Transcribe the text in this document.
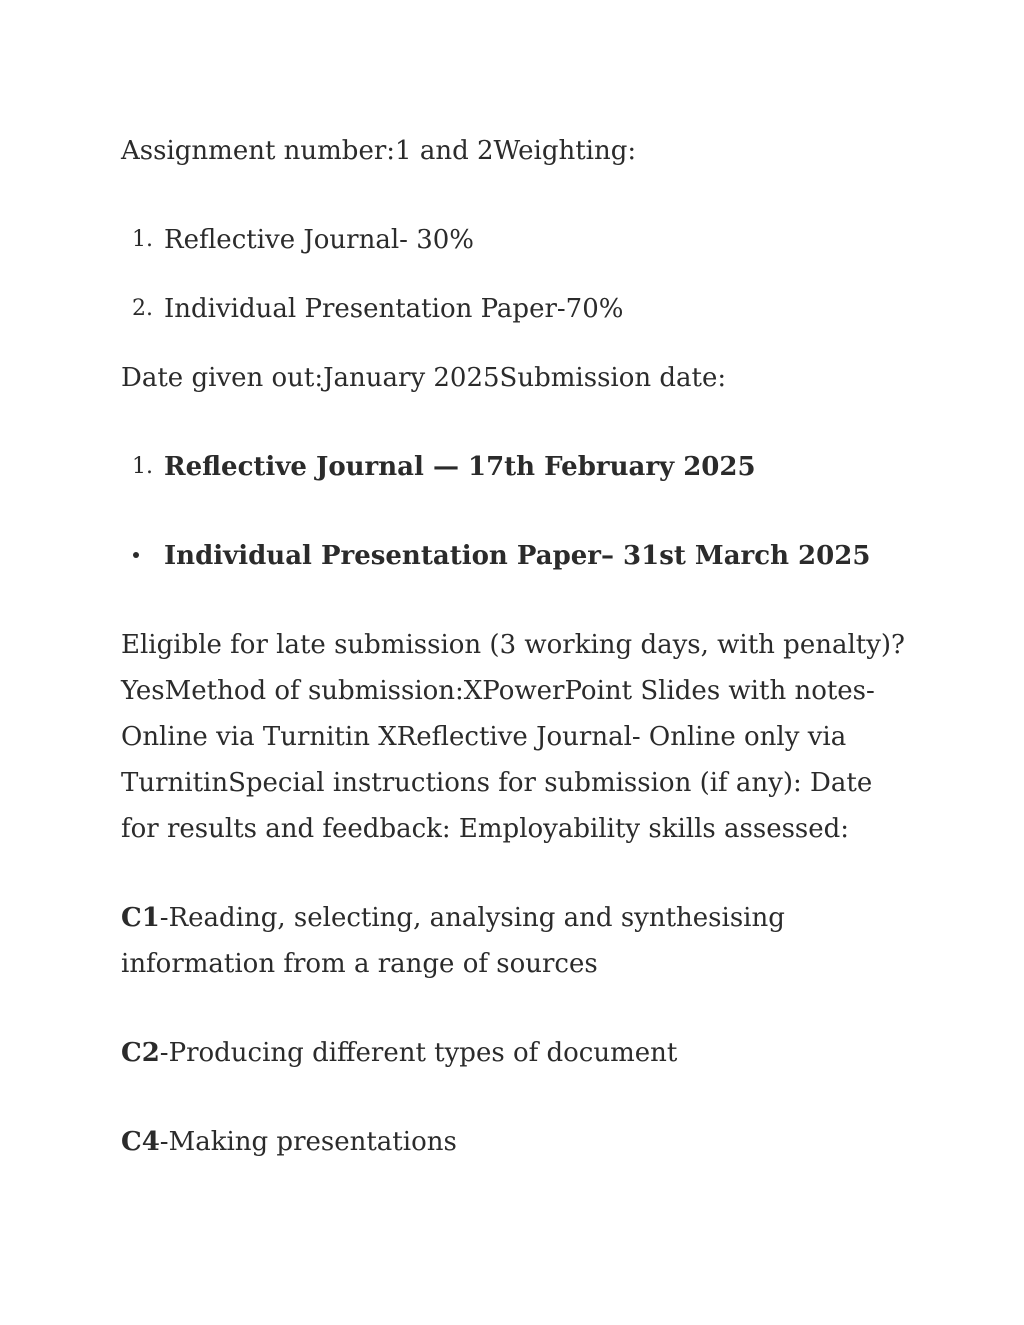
Assignment number:1 and 2Weighting:

1. Reflective Journal- 30%
2. Individual Presentation Paper-70%

Date given out:January 2025Submission date:

1. Reflective Journal — 17th February 2025
Individual Presentation Paper– 31st March 2025

Eligible for late submission (3 working days, with penalty)?YesMethod of submission:XPowerPoint Slides with notes-Online via Turnitin XReflective Journal- Online only via TurnitinSpecial instructions for submission (if any): Date for results and feedback: Employability skills assessed:

C1-Reading, selecting, analysing and synthesising information from a range of sources

C2-Producing different types of document

C4-Making presentations
